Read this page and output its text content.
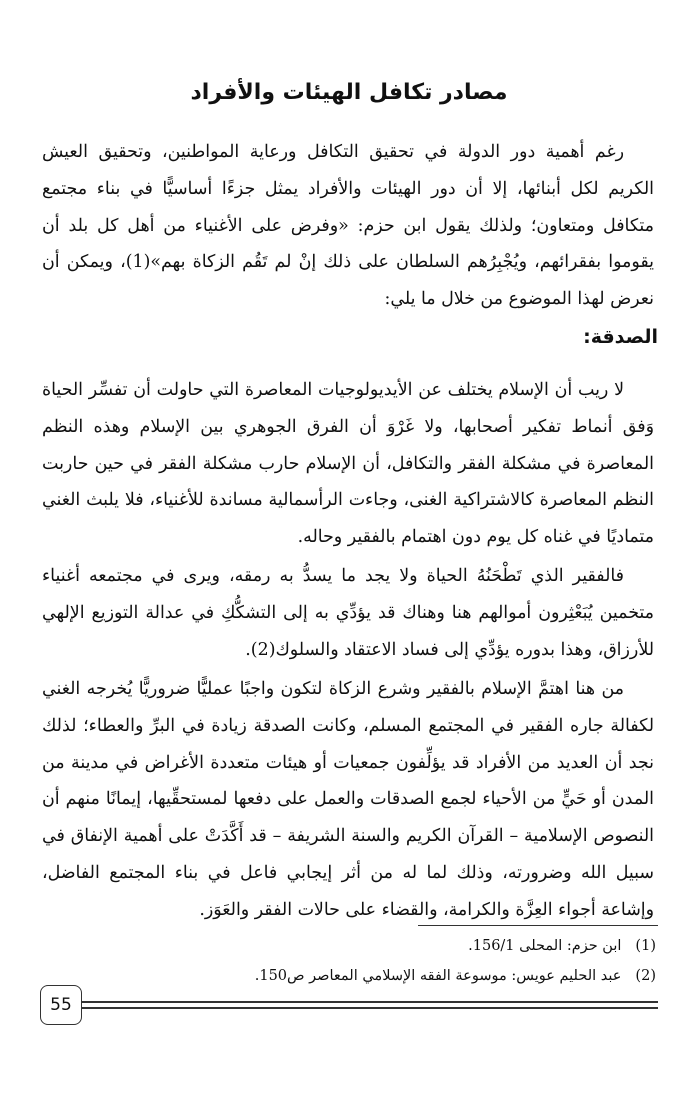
مصادر تكافل الهيئات والأفراد

رغم أهمية دور الدولة في تحقيق التكافل ورعاية المواطنين، وتحقيق العيش الكريم لكل أبنائها، إلا أن دور الهيئات والأفراد يمثل جزءًا أساسيًّا في بناء مجتمع متكافل ومتعاون؛ ولذلك يقول ابن حزم: «وفرض على الأغنياء من أهل كل بلد أن يقوموا بفقرائهم، ويُجْبِرُهم السلطان على ذلك إنْ لم تَقُم الزكاة بهم»(1)، ويمكن أن نعرض لهذا الموضوع من خلال ما يلي:

الصدقة:

لا ريب أن الإسلام يختلف عن الأيديولوجيات المعاصرة التي حاولت أن تفسِّر الحياة وَفق أنماط تفكير أصحابها، ولا غَرْوَ أن الفرق الجوهري بين الإسلام وهذه النظم المعاصرة في مشكلة الفقر والتكافل، أن الإسلام حارب مشكلة الفقر في حين حاربت النظم المعاصرة كالاشتراكية الغنى، وجاءت الرأسمالية مساندة للأغنياء، فلا يلبث الغني متماديًا في غناه كل يوم دون اهتمام بالفقير وحاله.

فالفقير الذي تَطْحَنُهُ الحياة ولا يجد ما يسدُّ به رمقه، ويرى في مجتمعه أغنياء متخمين يُبَعْثِرون أموالهم هنا وهناك قد يؤدِّي به إلى التشكُّكِ في عدالة التوزيع الإلهي للأرزاق، وهذا بدوره يؤدِّي إلى فساد الاعتقاد والسلوك(2).

من هنا اهتمَّ الإسلام بالفقير وشرع الزكاة لتكون واجبًا عمليًّا ضروريًّا يُخرجه الغني لكفالة جاره الفقير في المجتمع المسلم، وكانت الصدقة زيادة في البرِّ والعطاء؛ لذلك نجد أن العديد من الأفراد قد يؤلِّفون جمعيات أو هيئات متعددة الأغراض في مدينة من المدن أو حَيٍّ من الأحياء لجمع الصدقات والعمل على دفعها لمستحقِّيها، إيمانًا منهم أن النصوص الإسلامية – القرآن الكريم والسنة الشريفة – قد أَكَّدَتْ على أهمية الإنفاق في سبيل الله وضرورته، وذلك لما له من أثر إيجابي فاعل في بناء المجتمع الفاضل، وإشاعة أجواء العِزَّة والكرامة، والقضاء على حالات الفقر والعَوَز.

(1) ابن حزم: المحلى 156/1.
(2) عبد الحليم عويس: موسوعة الفقه الإسلامي المعاصر ص150.
55
